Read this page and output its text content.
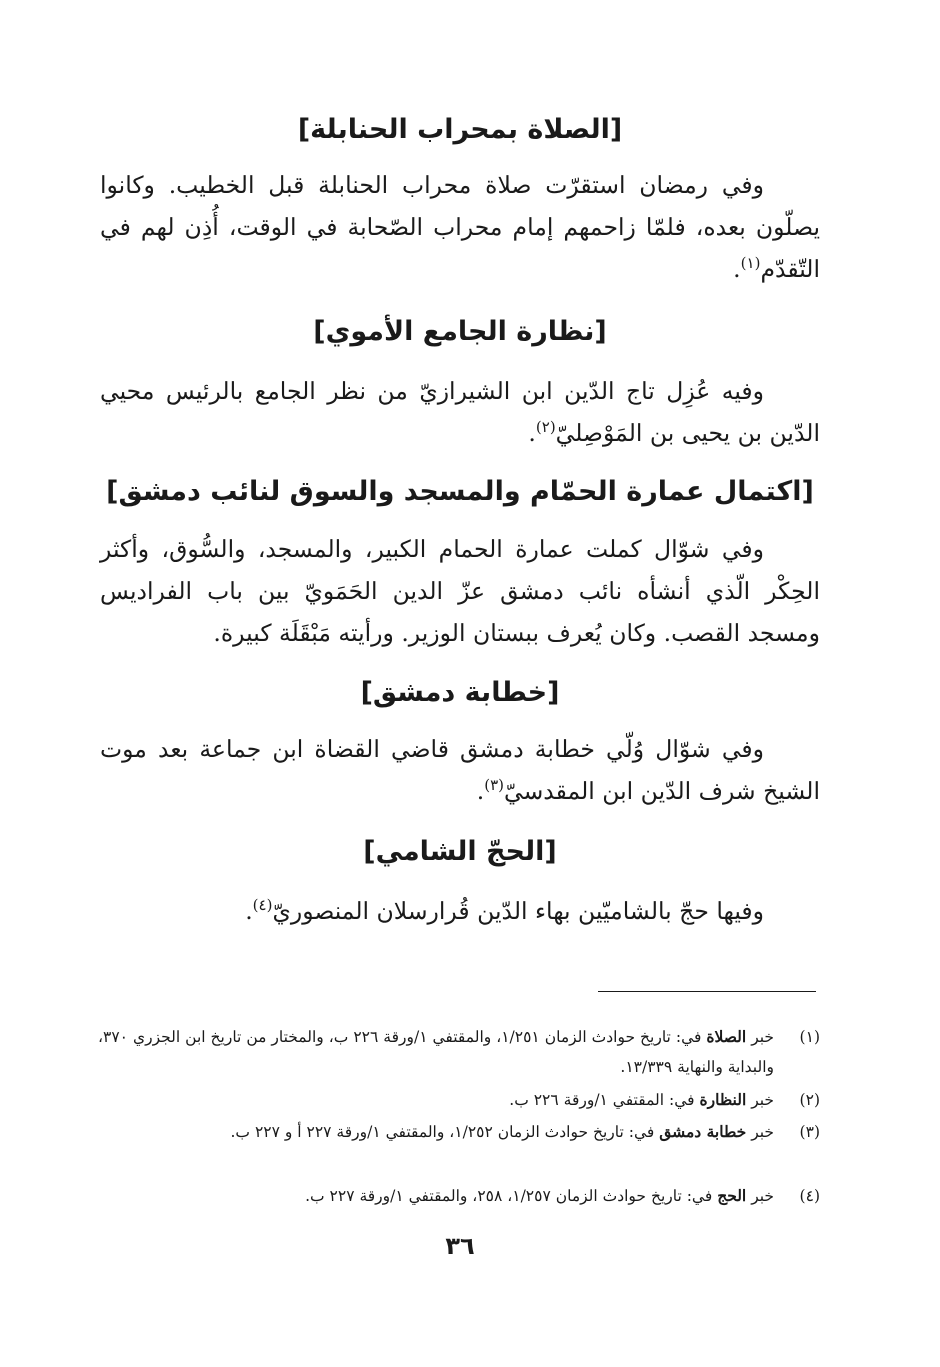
[الصلاة بمحراب الحنابلة]

وفي رمضان استقرّت صلاة محراب الحنابلة قبل الخطيب. وكانوا يصلّون بعده، فلمّا زاحمهم إمام محراب الصّحابة في الوقت، أُذِن لهم في التّقدّم$^{(١)}$.

[نظارة الجامع الأموي]

وفيه عُزِل تاج الدّين ابن الشيرازيّ من نظر الجامع بالرئيس محيي الدّين بن يحيى بن المَوْصِليّ$^{(٢)}$.

[اكتمال عمارة الحمّام والمسجد والسوق لنائب دمشق]

وفي شوّال كملت عمارة الحمام الكبير، والمسجد، والسُّوق، وأكثر الحِكْر الّذي أنشأه نائب دمشق عزّ الدين الحَمَويّ بين باب الفراديس ومسجد القصب. وكان يُعرف ببستان الوزير. ورأيته مَبْقَلَة كبيرة.

[خطابة دمشق]

وفي شوّال وُلّي خطابة دمشق قاضي القضاة ابن جماعة بعد موت الشيخ شرف الدّين ابن المقدسيّ$^{(٣)}$.

[الحجّ الشامي]

وفيها حجّ بالشاميّين بهاء الدّين قُرارسلان المنصوريّ$^{(٤)}$.

(١)
خبر الصلاة في: تاريخ حوادث الزمان ١/٢٥١، والمقتفي ١/ورقة ٢٢٦ ب، والمختار من تاريخ ابن الجزري ٣٧٠، والبداية والنهاية ١٣/٣٣٩.
(٢)
خبر النظارة في: المقتفي ١/ورقة ٢٢٦ ب.
(٣)
خبر خطابة دمشق في: تاريخ حوادث الزمان ١/٢٥٢، والمقتفي ١/ورقة ٢٢٧ أ و ٢٢٧ ب.
(٤)
خبر الحج في: تاريخ حوادث الزمان ١/٢٥٧، ٢٥٨، والمقتفي ١/ورقة ٢٢٧ ب.
٣٦
